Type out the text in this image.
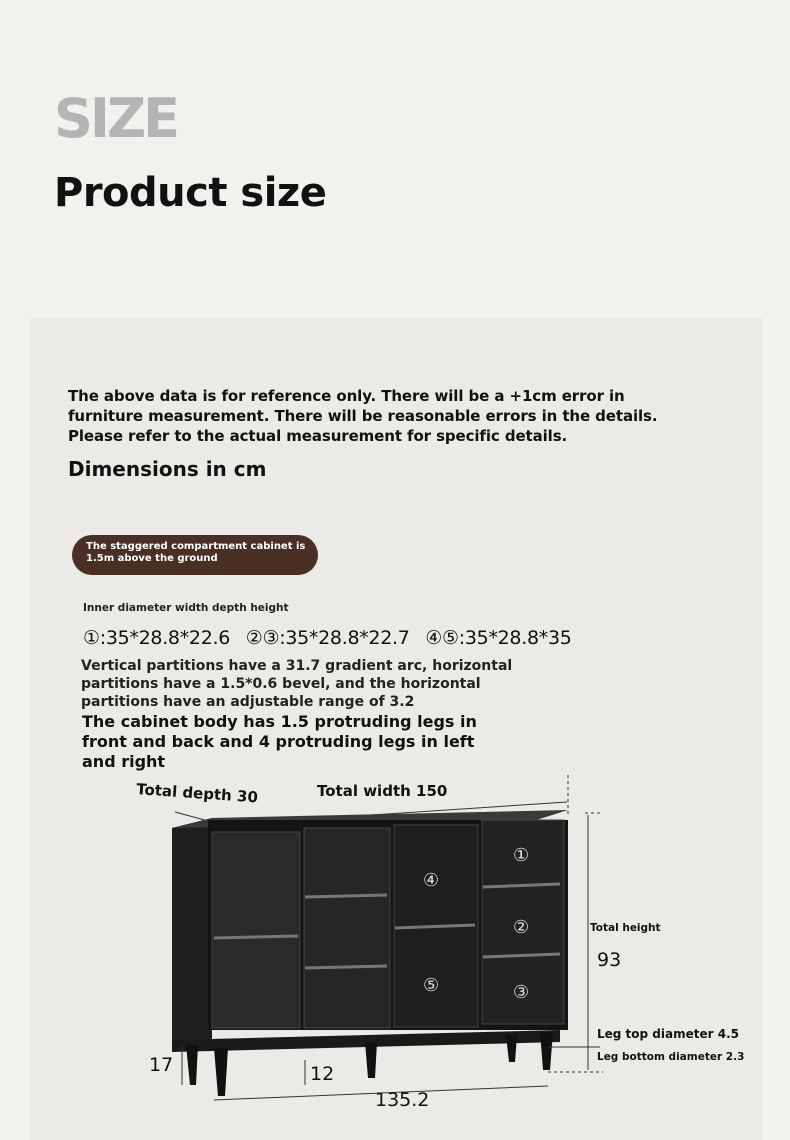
SIZE
Product size
The above data is for reference only. There will be a +1cm error in
furniture measurement. There will be reasonable errors in the details.
Please refer to the actual measurement for specific details.
Dimensions in cm
The staggered compartment cabinet is 1.5m above the ground
Inner diameter width depth height
①:35*28.8*22.6 ②③:35*28.8*22.7 ④⑤:35*28.8*35
Vertical partitions have a 31.7 gradient arc, horizontal partitions have a 1.5*0.6 bevel, and the horizontal partitions have an adjustable range of 3.2
The cabinet body has 1.5 protruding legs in front and back and 4 protruding legs in left and right
Total depth 30	Total width 150
Total height
93
Leg top diameter 4.5
Leg bottom diameter 2.3
17	12
135.2
①
②
③
④
⑤
